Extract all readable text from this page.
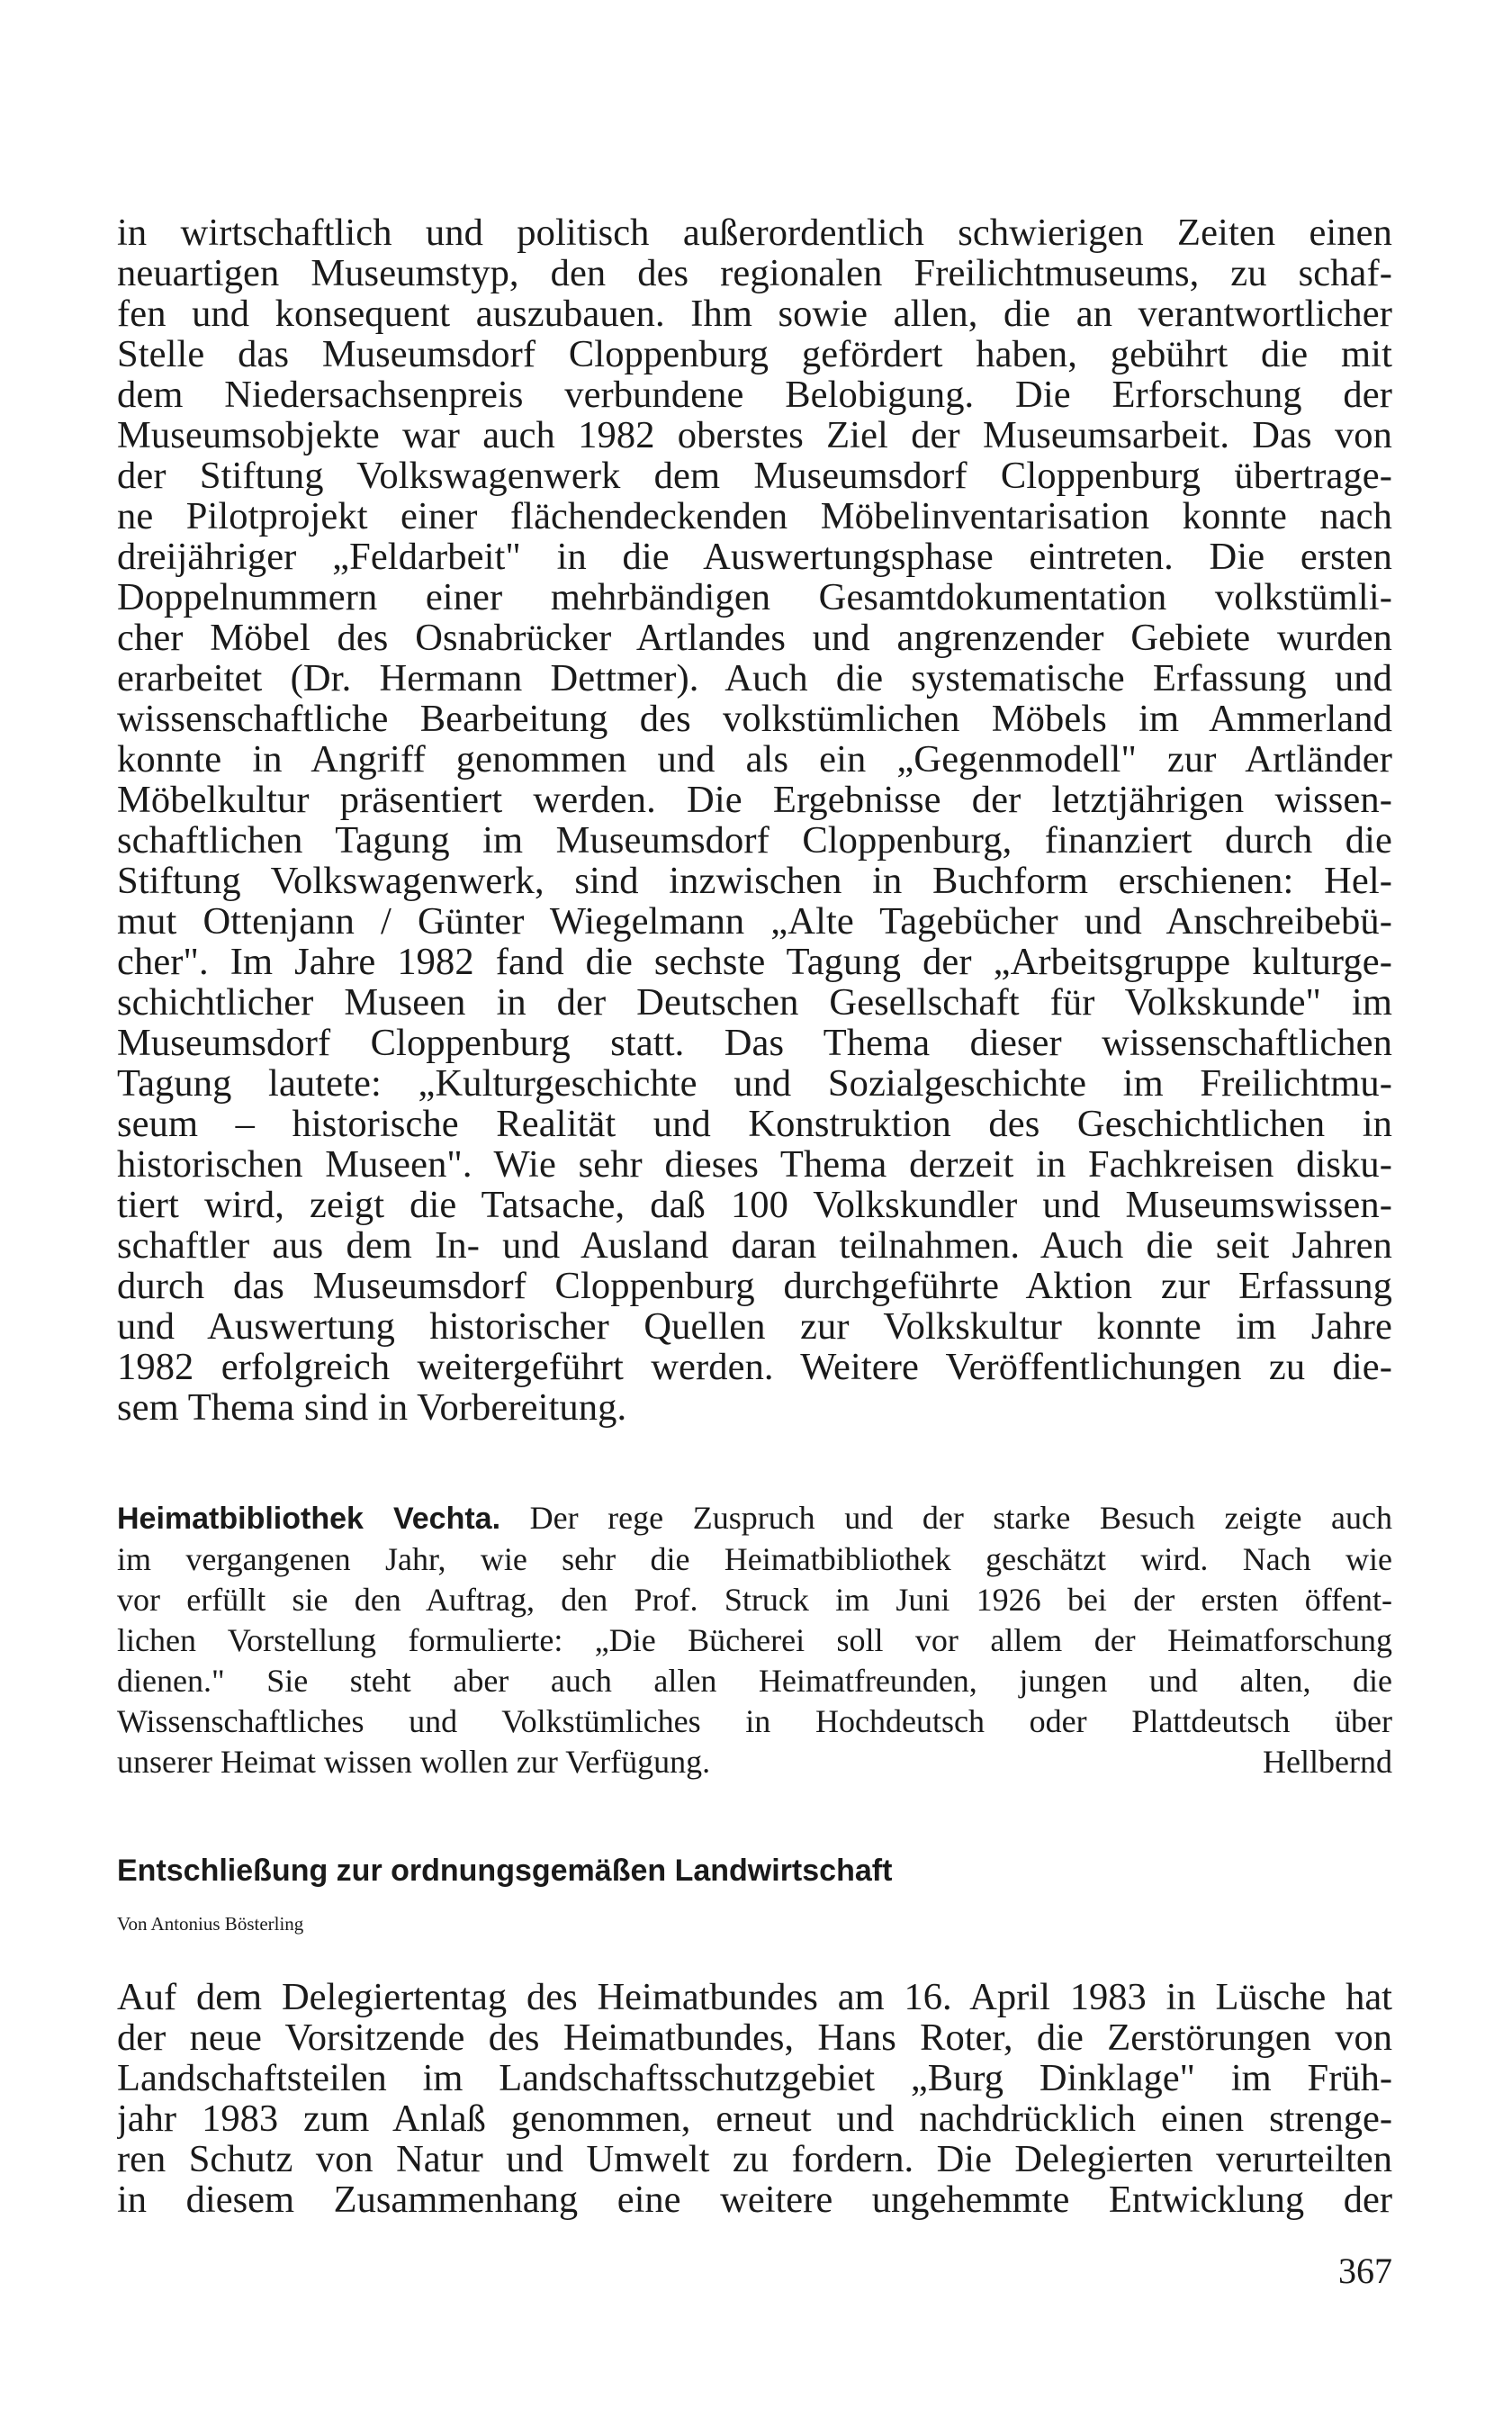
in wirtschaftlich und politisch außerordentlich schwierigen Zeiten einen
neuartigen Museumstyp, den des regionalen Freilichtmuseums, zu schaf-
fen und konsequent auszubauen. Ihm sowie allen, die an verantwortlicher
Stelle das Museumsdorf Cloppenburg gefördert haben, gebührt die mit
dem Niedersachsenpreis verbundene Belobigung. Die Erforschung der
Museumsobjekte war auch 1982 oberstes Ziel der Museumsarbeit. Das von
der Stiftung Volkswagenwerk dem Museumsdorf Cloppenburg übertrage-
ne Pilotprojekt einer flächendeckenden Möbelinventarisation konnte nach
dreijähriger „Feldarbeit" in die Auswertungsphase eintreten. Die ersten
Doppelnummern einer mehrbändigen Gesamtdokumentation volkstümli-
cher Möbel des Osnabrücker Artlandes und angrenzender Gebiete wurden
erarbeitet (Dr. Hermann Dettmer). Auch die systematische Erfassung und
wissenschaftliche Bearbeitung des volkstümlichen Möbels im Ammerland
konnte in Angriff genommen und als ein „Gegenmodell" zur Artländer
Möbelkultur präsentiert werden. Die Ergebnisse der letztjährigen wissen-
schaftlichen Tagung im Museumsdorf Cloppenburg, finanziert durch die
Stiftung Volkswagenwerk, sind inzwischen in Buchform erschienen: Hel-
mut Ottenjann / Günter Wiegelmann „Alte Tagebücher und Anschreibebü-
cher". Im Jahre 1982 fand die sechste Tagung der „Arbeitsgruppe kulturge-
schichtlicher Museen in der Deutschen Gesellschaft für Volkskunde" im
Museumsdorf Cloppenburg statt. Das Thema dieser wissenschaftlichen
Tagung lautete: „Kulturgeschichte und Sozialgeschichte im Freilichtmu-
seum – historische Realität und Konstruktion des Geschichtlichen in
historischen Museen". Wie sehr dieses Thema derzeit in Fachkreisen disku-
tiert wird, zeigt die Tatsache, daß 100 Volkskundler und Museumswissen-
schaftler aus dem In- und Ausland daran teilnahmen. Auch die seit Jahren
durch das Museumsdorf Cloppenburg durchgeführte Aktion zur Erfassung
und Auswertung historischer Quellen zur Volkskultur konnte im Jahre
1982 erfolgreich weitergeführt werden. Weitere Veröffentlichungen zu die-
sem Thema sind in Vorbereitung.
Heimatbibliothek Vechta. Der rege Zuspruch und der starke Besuch zeigte auch
im vergangenen Jahr, wie sehr die Heimatbibliothek geschätzt wird. Nach wie
vor erfüllt sie den Auftrag, den Prof. Struck im Juni 1926 bei der ersten öffent-
lichen Vorstellung formulierte: „Die Bücherei soll vor allem der Heimatforschung
dienen." Sie steht aber auch allen Heimatfreunden, jungen und alten, die
Wissenschaftliches und Volkstümliches in Hochdeutsch oder Plattdeutsch über
unserer Heimat wissen wollen zur Verfügung.	Hellbernd
Entschließung zur ordnungsgemäßen Landwirtschaft
Von Antonius Bösterling
Auf dem Delegiertentag des Heimatbundes am 16. April 1983 in Lüsche hat
der neue Vorsitzende des Heimatbundes, Hans Roter, die Zerstörungen von
Landschaftsteilen im Landschaftsschutzgebiet „Burg Dinklage" im Früh-
jahr 1983 zum Anlaß genommen, erneut und nachdrücklich einen strenge-
ren Schutz von Natur und Umwelt zu fordern. Die Delegierten verurteilten
in diesem Zusammenhang eine weitere ungehemmte Entwicklung der
367
